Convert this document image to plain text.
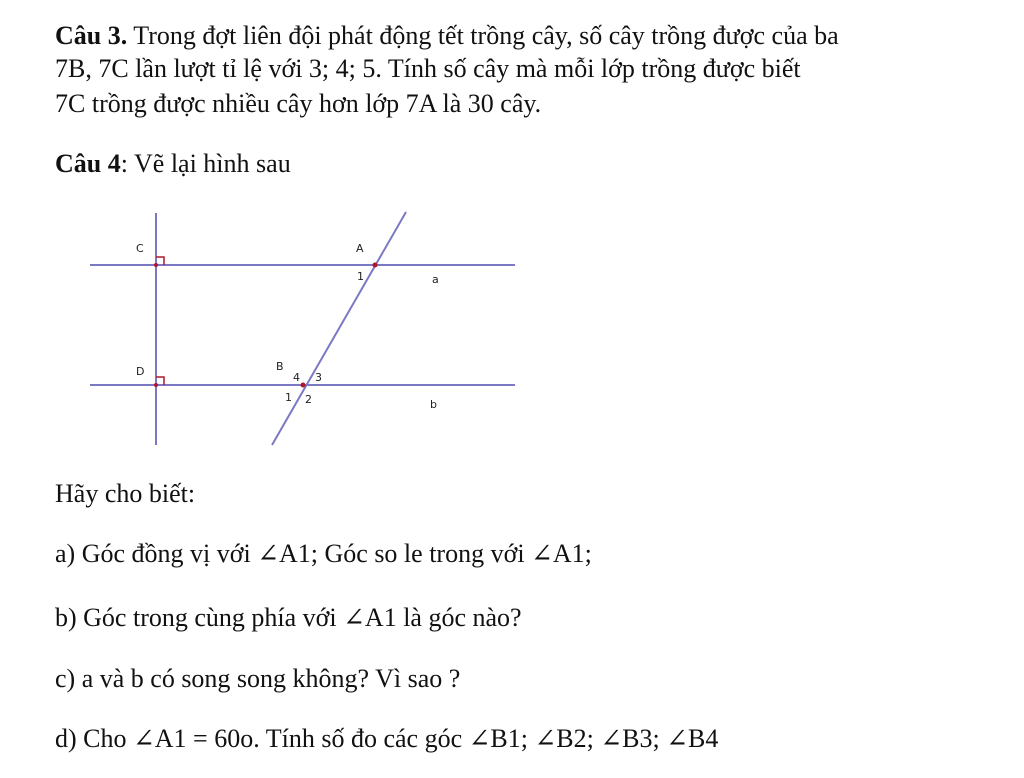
Câu 3. Trong đợt liên đội phát động tết trồng cây, số cây trồng được của ba
7B, 7C lần lượt tỉ lệ với 3; 4; 5. Tính số cây mà mỗi lớp trồng được biết
7C trồng được nhiều cây hơn lớp 7A là 30 cây.
Câu 4: Vẽ lại hình sau
C
D
A
B
a
b
1
4 3
1 2
Hãy cho biết:
a) Góc đồng vị với ∠A1; Góc so le trong với ∠A1;
b) Góc trong cùng phía với ∠A1 là góc nào?
c) a và b có song song không? Vì sao ?
d) Cho ∠A1 = 60o. Tính số đo các góc ∠B1; ∠B2; ∠B3; ∠B4
